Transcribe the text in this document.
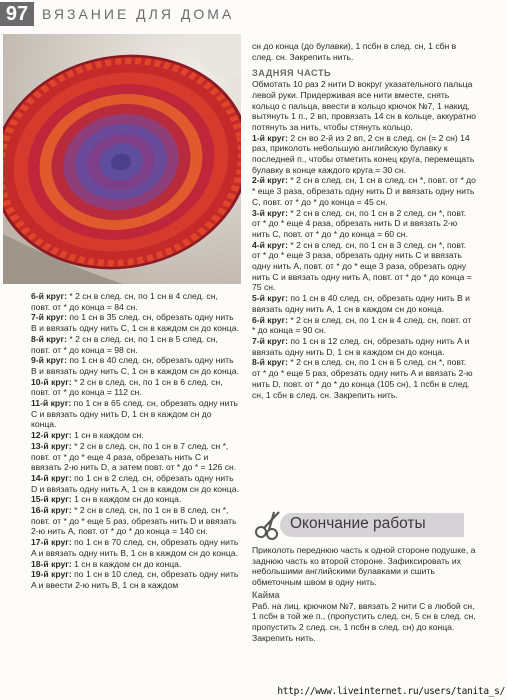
97 ВЯЗАНИЕ ДЛЯ ДОМА

6-й круг: * 2 сн в след. сн, по 1 сн в 4 след. сн, повт. от * до конца = 84 сн.

7-й круг: по 1 сн в 35 след. сн, обрезать одну нить B и ввязать одну нить C, 1 сн в каждом сн до конца.

8-й круг: * 2 сн в след. сн, по 1 сн в 5 след. сн, повт. от * до конца = 98 сн.

9-й круг: по 1 сн в 40 след. сн, обрезать одну нить B и ввязать одну нить C, 1 сн в каждом сн до конца.

10-й круг: * 2 сн в след. сн, по 1 сн в 6 след. сн, повт. от * до конца = 112 сн.

11-й круг: по 1 сн в 65 след. сн, обрезать одну нить C и ввязать одну нить D, 1 сн в каждом сн до конца.

12-й круг: 1 сн в каждом сн.

13-й круг: * 2 сн в след. сн, по 1 сн в 7 след. сн *, повт. от * до * еще 4 раза, обрезать нить C и ввязать 2-ю нить D, а затем повт. от * до * = 126 сн.

14-й круг: по 1 сн в 2 след. сн, обрезать одну нить D и ввязать одну нить A, 1 сн в каждом сн до конца.

15-й круг: 1 сн в каждом сн до конца.

16-й круг: * 2 сн в след. сн, по 1 сн в 8 след. сн *, повт. от * до * еще 5 раз, обрезать нить D и ввязать 2-ю нить A, повт. от * до * до конца = 140 сн.

17-й круг: по 1 сн в 70 след. сн, обрезать одну нить A и ввязать одну нить B, 1 сн в каждом сн до конца.

18-й круг: 1 сн в каждом сн до конца.

19-й круг: по 1 сн в 10 след. сн, обрезать одну нить A и ввести 2-ю нить B, 1 сн в каждом

сн до конца (до булавки), 1 псбн в след. сн, 1 сбн в след. сн. Закрепить нить.

ЗАДНЯЯ ЧАСТЬ

Обмотать 10 раз 2 нити D вокруг указательного пальца левой руки. Придерживая все нити вместе, снять кольцо с пальца, ввести в кольцо крючок №7, 1 накид, вытянуть 1 п., 2 вп, провязать 14 сн в кольце, аккуратно потянуть за нить, чтобы стянуть кольцо.

1-й круг: 2 сн во 2-й из 2 вп, 2 сн в след. сн (= 2 сн) 14 раз, приколоть небольшую английскую булавку к последней п., чтобы отметить конец круга, перемещать булавку в конце каждого круга = 30 сн.

2-й круг: * 2 сн в след. сн, 1 сн в след. сн *, повт. от * до * еще 3 раза, обрезать одну нить D и ввязать одну нить C, повт. от * до * до конца = 45 сн.

3-й круг: * 2 сн в след. сн, по 1 сн в 2 след. сн *, повт. от * до * еще 4 раза, обрезать нить D и ввязать 2-ю нить C, повт. от * до * до конца = 60 сн.

4-й круг: * 2 сн в след. сн, по 1 сн в 3 след. сн *, повт. от * до * еще 3 раза, обрезать одну нить C и ввязать одну нить A, повт. от * до * еще 3 раза, обрезать одну нить C и ввязать одну нить A, повт. от * до * до конца = 75 сн.

5-й круг: по 1 сн в 40 след. сн, обрезать одну нить B и ввязать одну нить A, 1 сн в каждом сн до конца.

6-й круг: * 2 сн в след. сн, по 1 сн в 4 след. сн, повт. от * до конца = 90 сн.

7-й круг: по 1 сн в 12 след. сн, обрезать одну нить A и ввязать одну нить D, 1 сн в каждом сн до конца.

8-й круг: * 2 сн в след. сн, по 1 сн в 5 след. сн *, повт. от * до * еще 5 раз, обрезать одну нить A и ввязать 2-ю нить D, повт. от * до * до конца (105 сн), 1 псбн в след. сн, 1 сбн в след. сн. Закрепить нить.

Окончание работы

Приколоть переднюю часть к одной стороне подушке, а заднюю часть ко второй стороне. Зафиксировать их небольшими английскими булавками и сшить обметочным швом в одну нить.

Кайма

Раб. на лиц. крючком №7, ввязать 2 нити C в любой сн, 1 псбн в той же п., (пропустить след. сн, 5 сн в след. сн, пропустить 2 след. сн, 1 псбн в след. сн) до конца. Закрепить нить.

http://www.liveinternet.ru/users/tanita_s/
